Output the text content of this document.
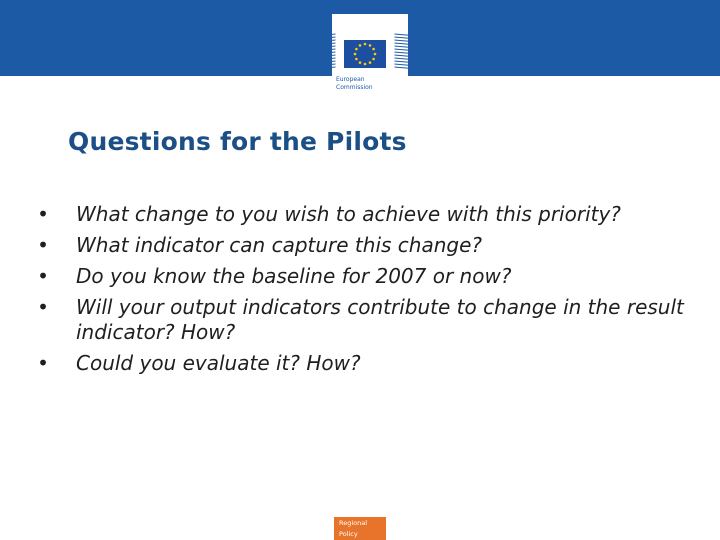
European
Commission
Questions for the Pilots
• What change to you wish to achieve with this priority?
• What indicator can capture this change?
• Do you know the baseline for 2007 or now?
• Will your output indicators contribute to change in the result indicator? How?
• Could you evaluate it? How?
Regional
Policy
